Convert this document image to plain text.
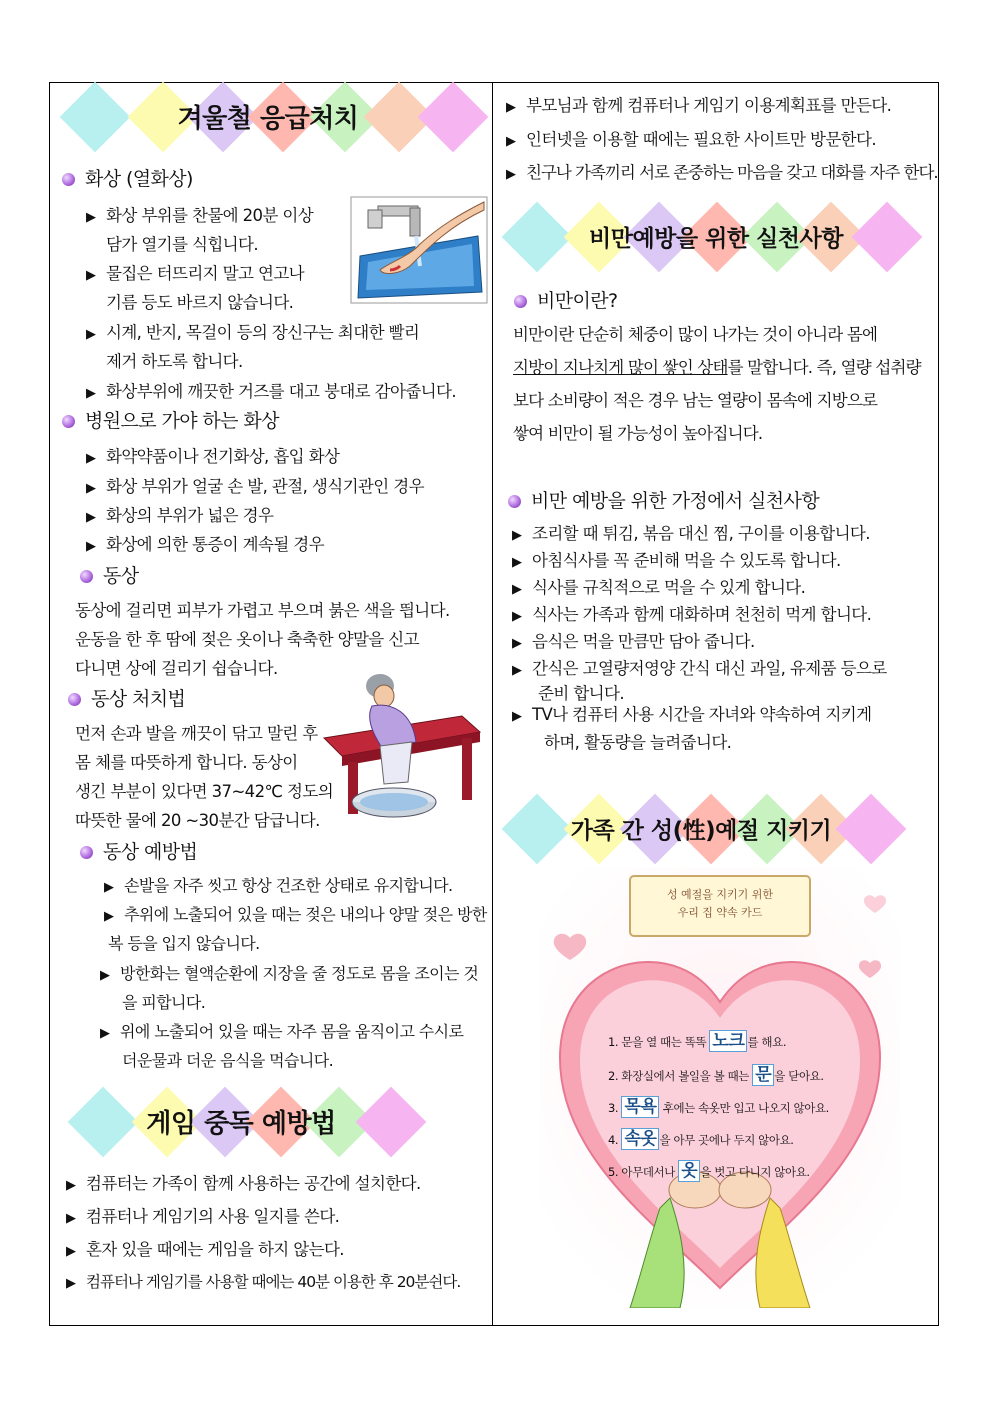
겨울철 응급처치
화상 (열화상)
▶ 화상 부위를 찬물에 20분 이상
담가 열기를 식힙니다.
▶ 물집은 터뜨리지 말고 연고나
기름 등도 바르지 않습니다.
▶ 시계, 반지, 목걸이 등의 장신구는 최대한 빨리
제거 하도록 합니다.
▶ 화상부위에 깨끗한 거즈를 대고 붕대로 감아줍니다.
병원으로 가야 하는 화상
▶ 화약약품이나 전기화상, 흡입 화상
▶ 화상 부위가 얼굴 손 발, 관절, 생식기관인 경우
▶ 화상의 부위가 넓은 경우
▶ 화상에 의한 통증이 계속될 경우
동상
동상에 걸리면 피부가 가렵고 부으며 붉은 색을 띕니다.
운동을 한 후 땀에 젖은 옷이나 축축한 양말을 신고
다니면 상에 걸리기 쉽습니다.
동상 처치법
먼저 손과 발을 깨끗이 닦고 말린 후
몸 체를 따뜻하게 합니다. 동상이
생긴 부분이 있다면 37~42℃ 정도의
따뜻한 물에 20 ~30분간 담급니다.
동상 예방법
▶ 손발을 자주 씻고 항상 건조한 상태로 유지합니다.
▶ 추위에 노출되어 있을 때는 젖은 내의나 양말 젖은 방한
복 등을 입지 않습니다.
▶ 방한화는 혈액순환에 지장을 줄 정도로 몸을 조이는 것
을 피합니다.
▶ 위에 노출되어 있을 때는 자주 몸을 움직이고 수시로
더운물과 더운 음식을 먹습니다.
게임 중독 예방법
▶ 컴퓨터는 가족이 함께 사용하는 공간에 설치한다.
▶ 컴퓨터나 게임기의 사용 일지를 쓴다.
▶ 혼자 있을 때에는 게임을 하지 않는다.
▶ 컴퓨터나 게임기를 사용할 때에는 40분 이용한 후 20분쉰다.
▶ 부모님과 함께 컴퓨터나 게임기 이용계획표를 만든다.
▶ 인터넷을 이용할 때에는 필요한 사이트만 방문한다.
▶ 친구나 가족끼리 서로 존중하는 마음을 갖고 대화를 자주 한다.
비만예방을 위한 실천사항
비만이란?
비만이란 단순히 체중이 많이 나가는 것이 아니라 몸에
지방이 지나치게 많이 쌓인 상태를 말합니다. 즉, 열량 섭취량
보다 소비량이 적은 경우 남는 열량이 몸속에 지방으로
쌓여 비만이 될 가능성이 높아집니다.
비만 예방을 위한 가정에서 실천사항
▶ 조리할 때 튀김, 볶음 대신 찜, 구이를 이용합니다.
▶ 아침식사를 꼭 준비해 먹을 수 있도록 합니다.
▶ 식사를 규칙적으로 먹을 수 있게 합니다.
▶ 식사는 가족과 함께 대화하며 천천히 먹게 합니다.
▶ 음식은 먹을 만큼만 담아 줍니다.
▶ 간식은 고열량저영양 간식 대신 과일, 유제품 등으로
준비 합니다.
▶ TV나 컴퓨터 사용 시간을 자녀와 약속하여 지키게
하며, 활동량을 늘려줍니다.
가족 간 성(性)예절 지키기
성 예절을 지키기 위한
우리 집 약속 카드
1. 문을 열 때는 똑똑 노크 를 해요.
2. 화장실에서 볼일을 볼 때는 문 을 닫아요.
3. 목욕 후에는 속옷만 입고 나오지 않아요.
4. 속옷 을 아무 곳에나 두지 않아요.
5. 아무데서나 옷 을 벗고 다니지 않아요.
